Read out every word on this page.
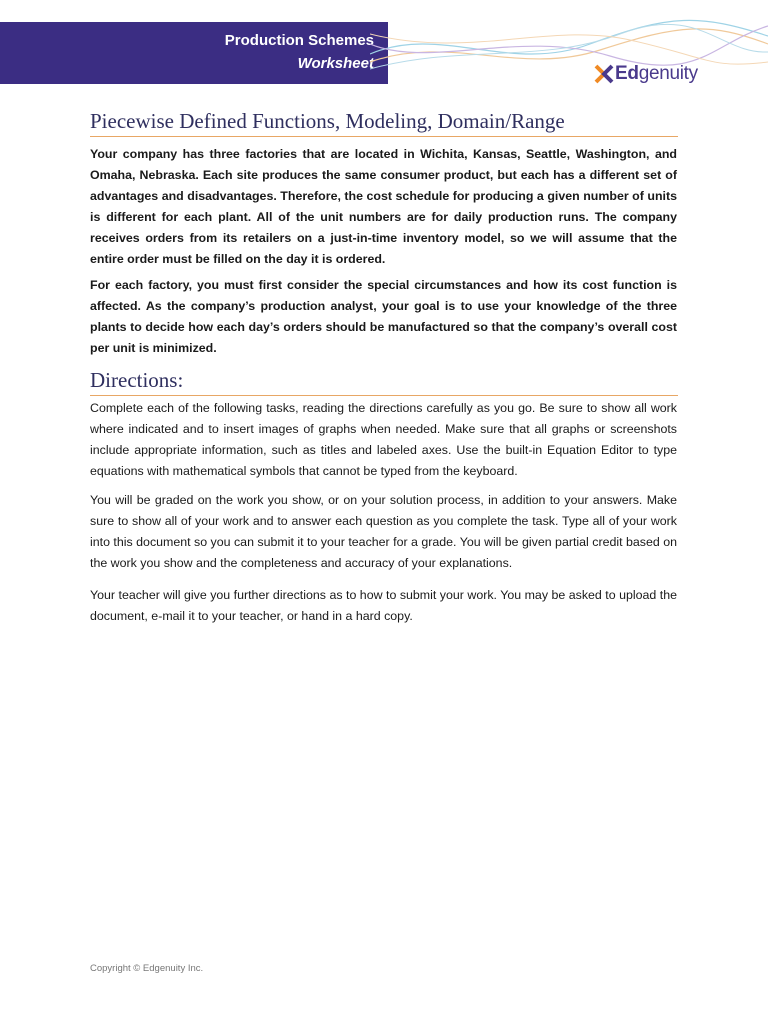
Production Schemes
Worksheet	Edgenuity
Piecewise Defined Functions, Modeling, Domain/Range

Your company has three factories that are located in Wichita, Kansas, Seattle, Washington, and Omaha, Nebraska. Each site produces the same consumer product, but each has a different set of advantages and disadvantages. Therefore, the cost schedule for producing a given number of units is different for each plant. All of the unit numbers are for daily production runs. The company receives orders from its retailers on a just-in-time inventory model, so we will assume that the entire order must be filled on the day it is ordered.

For each factory, you must first consider the special circumstances and how its cost function is affected. As the company’s production analyst, your goal is to use your knowledge of the three plants to decide how each day’s orders should be manufactured so that the company’s overall cost per unit is minimized.

Directions:

Complete each of the following tasks, reading the directions carefully as you go. Be sure to show all work where indicated and to insert images of graphs when needed. Make sure that all graphs or screenshots include appropriate information, such as titles and labeled axes. Use the built-in Equation Editor to type equations with mathematical symbols that cannot be typed from the keyboard.

You will be graded on the work you show, or on your solution process, in addition to your answers. Make sure to show all of your work and to answer each question as you complete the task. Type all of your work into this document so you can submit it to your teacher for a grade. You will be given partial credit based on the work you show and the completeness and accuracy of your explanations.

Your teacher will give you further directions as to how to submit your work. You may be asked to upload the document, e-mail it to your teacher, or hand in a hard copy.

Copyright © Edgenuity Inc.
